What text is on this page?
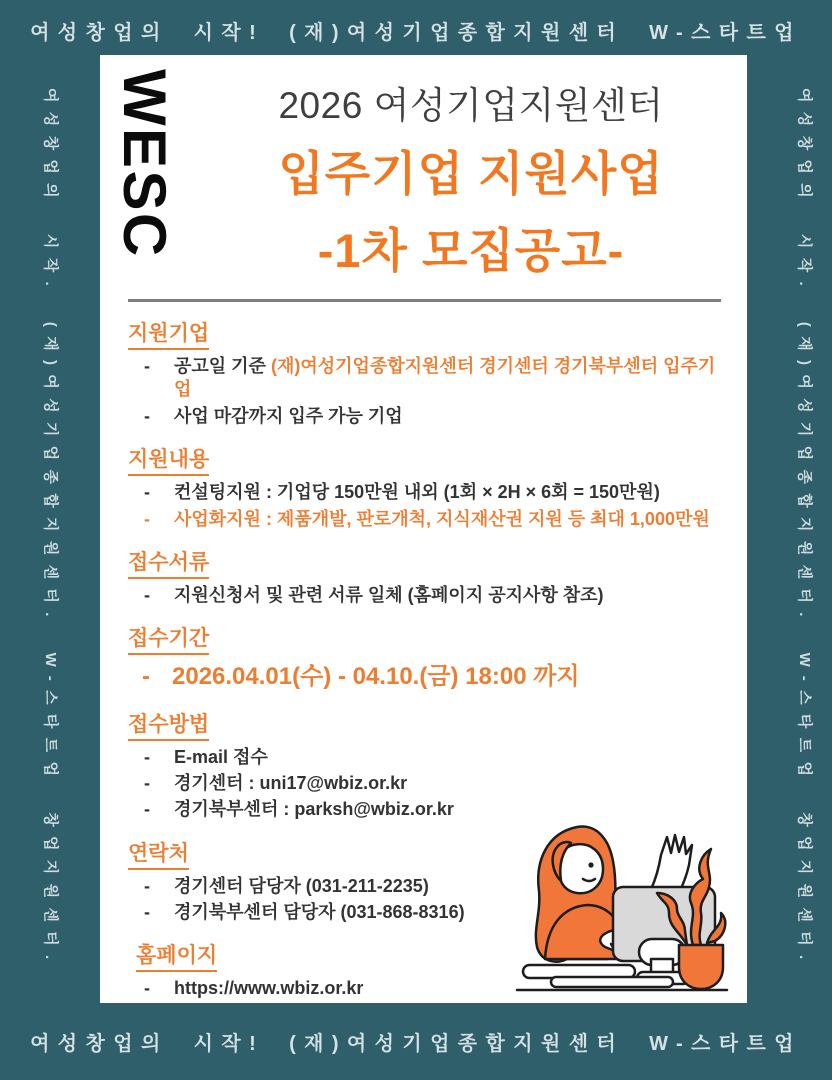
여성창업의 시작! (재)여성기업종합지원센터 W-스타트업
여성창업의 시작. (재)여성기업종합지원센터. W-스타트업 창업지원센터.	여성창업의 시작. (재)여성기업종합지원센터. W-스타트업 창업지원센터.
WESC	2026 여성기업지원센터
입주기업 지원사업
-1차 모집공고-
지원기업
- 공고일 기준 (재)여성기업종합지원센터 경기센터 경기북부센터 입주기업
- 사업 마감까지 입주 가능 기업
지원내용
- 컨설팅지원 : 기업당 150만원 내외 (1회 × 2H × 6회 = 150만원)
- 사업화지원 : 제품개발, 판로개척, 지식재산권 지원 등 최대 1,000만원
접수서류
- 지원신청서 및 관련 서류 일체 (홈페이지 공지사항 참조)
접수기간
- 2026.04.01(수) - 04.10.(금) 18:00 까지
접수방법
- E-mail 접수
- 경기센터 : uni17@wbiz.or.kr
- 경기북부센터 : parksh@wbiz.or.kr
연락처
- 경기센터 담당자 (031-211-2235)
- 경기북부센터 담당자 (031-868-8316)
홈페이지
- https://www.wbiz.or.kr
여성창업의 시작! (재)여성기업종합지원센터 W-스타트업
